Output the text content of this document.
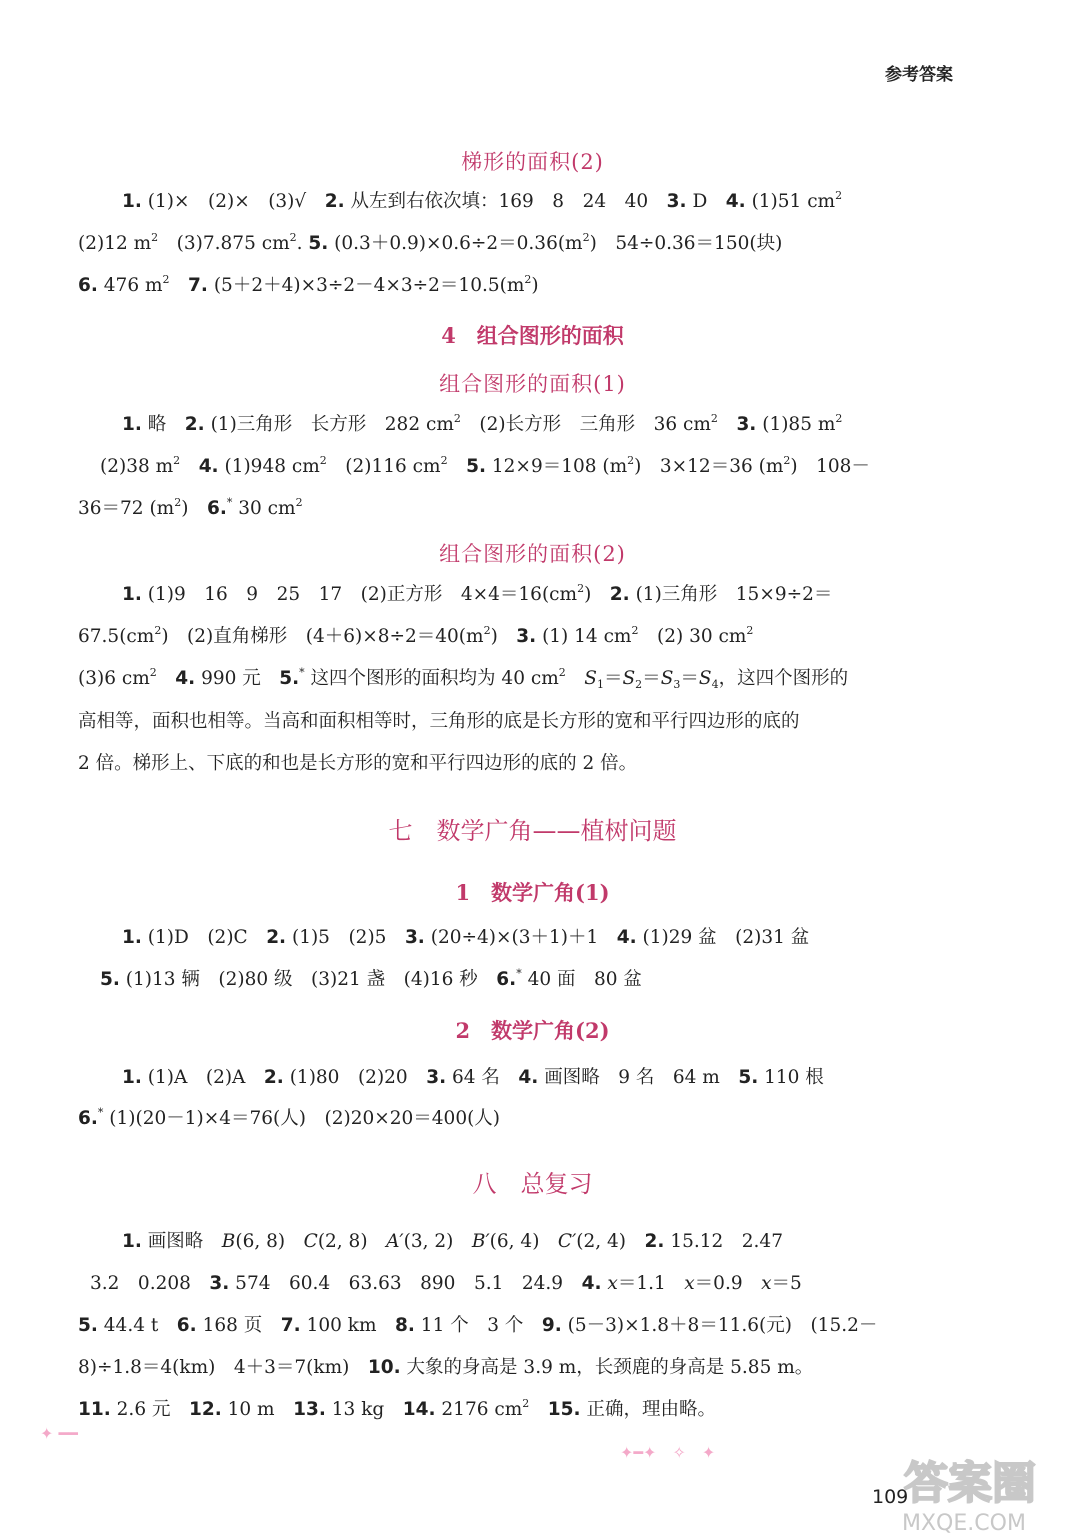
参考答案
梯形的面积(2)
1. (1)×　(2)×　(3)√　2. 从左到右依次填：169　8　24　40　3. D　4. (1)51 $cm^2$
(2)12 $m^2$　(3)7.875 $cm^2$. 5. $(0.3+0.9)\times 0.6\div 2=0.36(m^2)$　54÷0.36＝150(块)
6. 476 $m^2$　 7. $(5+2+4)\times 3\div 2-4\times 3\div 2=10.5(m^2)$
4　组合图形的面积
组合图形的面积(1)
1. 略　2. (1)三角形　长方形　282 $cm^2$　(2)长方形　三角形　36 $cm^2$　 3. (1)85 $m^2$
(2)38 $m^2$　 4. (1)948 $cm^2$　(2)116 $cm^2$　 5. 12×9＝108 $(m^2)$　3×12＝36 $(m^2)$　108－
36＝72 $(m^2)$　6.* 30 $cm^2$
组合图形的面积(2)
1. (1)9　16　9　25　17　(2)正方形　$4\times 4=16(cm^2)$　2. (1)三角形　15×9÷2＝
$67.5(cm^2)$　(2)直角梯形　$(4+6)\times 8\div 2=40(m^2)$　3. (1) 14 $cm^2$　(2) 30 $cm^2$
(3)6 $cm^2$　 4. 990 元　5.* 这四个图形的面积均为 40 $cm^2$　 $S_1=S_2=S_3=S_4$，这四个图形的
高相等，面积也相等。当高和面积相等时，三角形的底是长方形的宽和平行四边形的底的
2 倍。梯形上、下底的和也是长方形的宽和平行四边形的底的 2 倍。
七　数学广角——植树问题
1　数学广角(1)
1. (1)D　(2)C　2. (1)5　(2)5　3. (20÷4)×(3＋1)＋1　4. (1)29 盆　(2)31 盆
5. (1)13 辆　(2)80 级　(3)21 盏　(4)16 秒　6.* 40 面　80 盆
2　数学广角(2)
1. (1)A　(2)A　2. (1)80　(2)20　3. 64 名　4. 画图略　9 名　64 m　5. 110 根
6.* (1)(20－1)×4＝76(人)　(2)20×20＝400(人)
八　总复习
1. 画图略　B(6, 8)　C(2, 8)　A′(3, 2)　B′(6, 4)　C′(2, 4)　2. 15.12　2.47
3.2　0.208　3. 574　60.4　63.63　890　5.1　24.9　4. x＝1.1　x＝0.9　x＝5
5. 44.4 t　6. 168 页　7. 100 km　8. 11 个　3 个　9. (5－3)×1.8＋8＝11.6(元)　(15.2－
8)÷1.8＝4(km)　4＋3＝7(km)　10. 大象的身高是 3.9 m，长颈鹿的身高是 5.85 m。
11. 2.6 元　12. 10 m　13. 13 kg　14. 2176 $cm^2$　 15. 正确，理由略。
✦ ━━
✦━✦　✧　✦
109
答案圈
MXQE.COM
